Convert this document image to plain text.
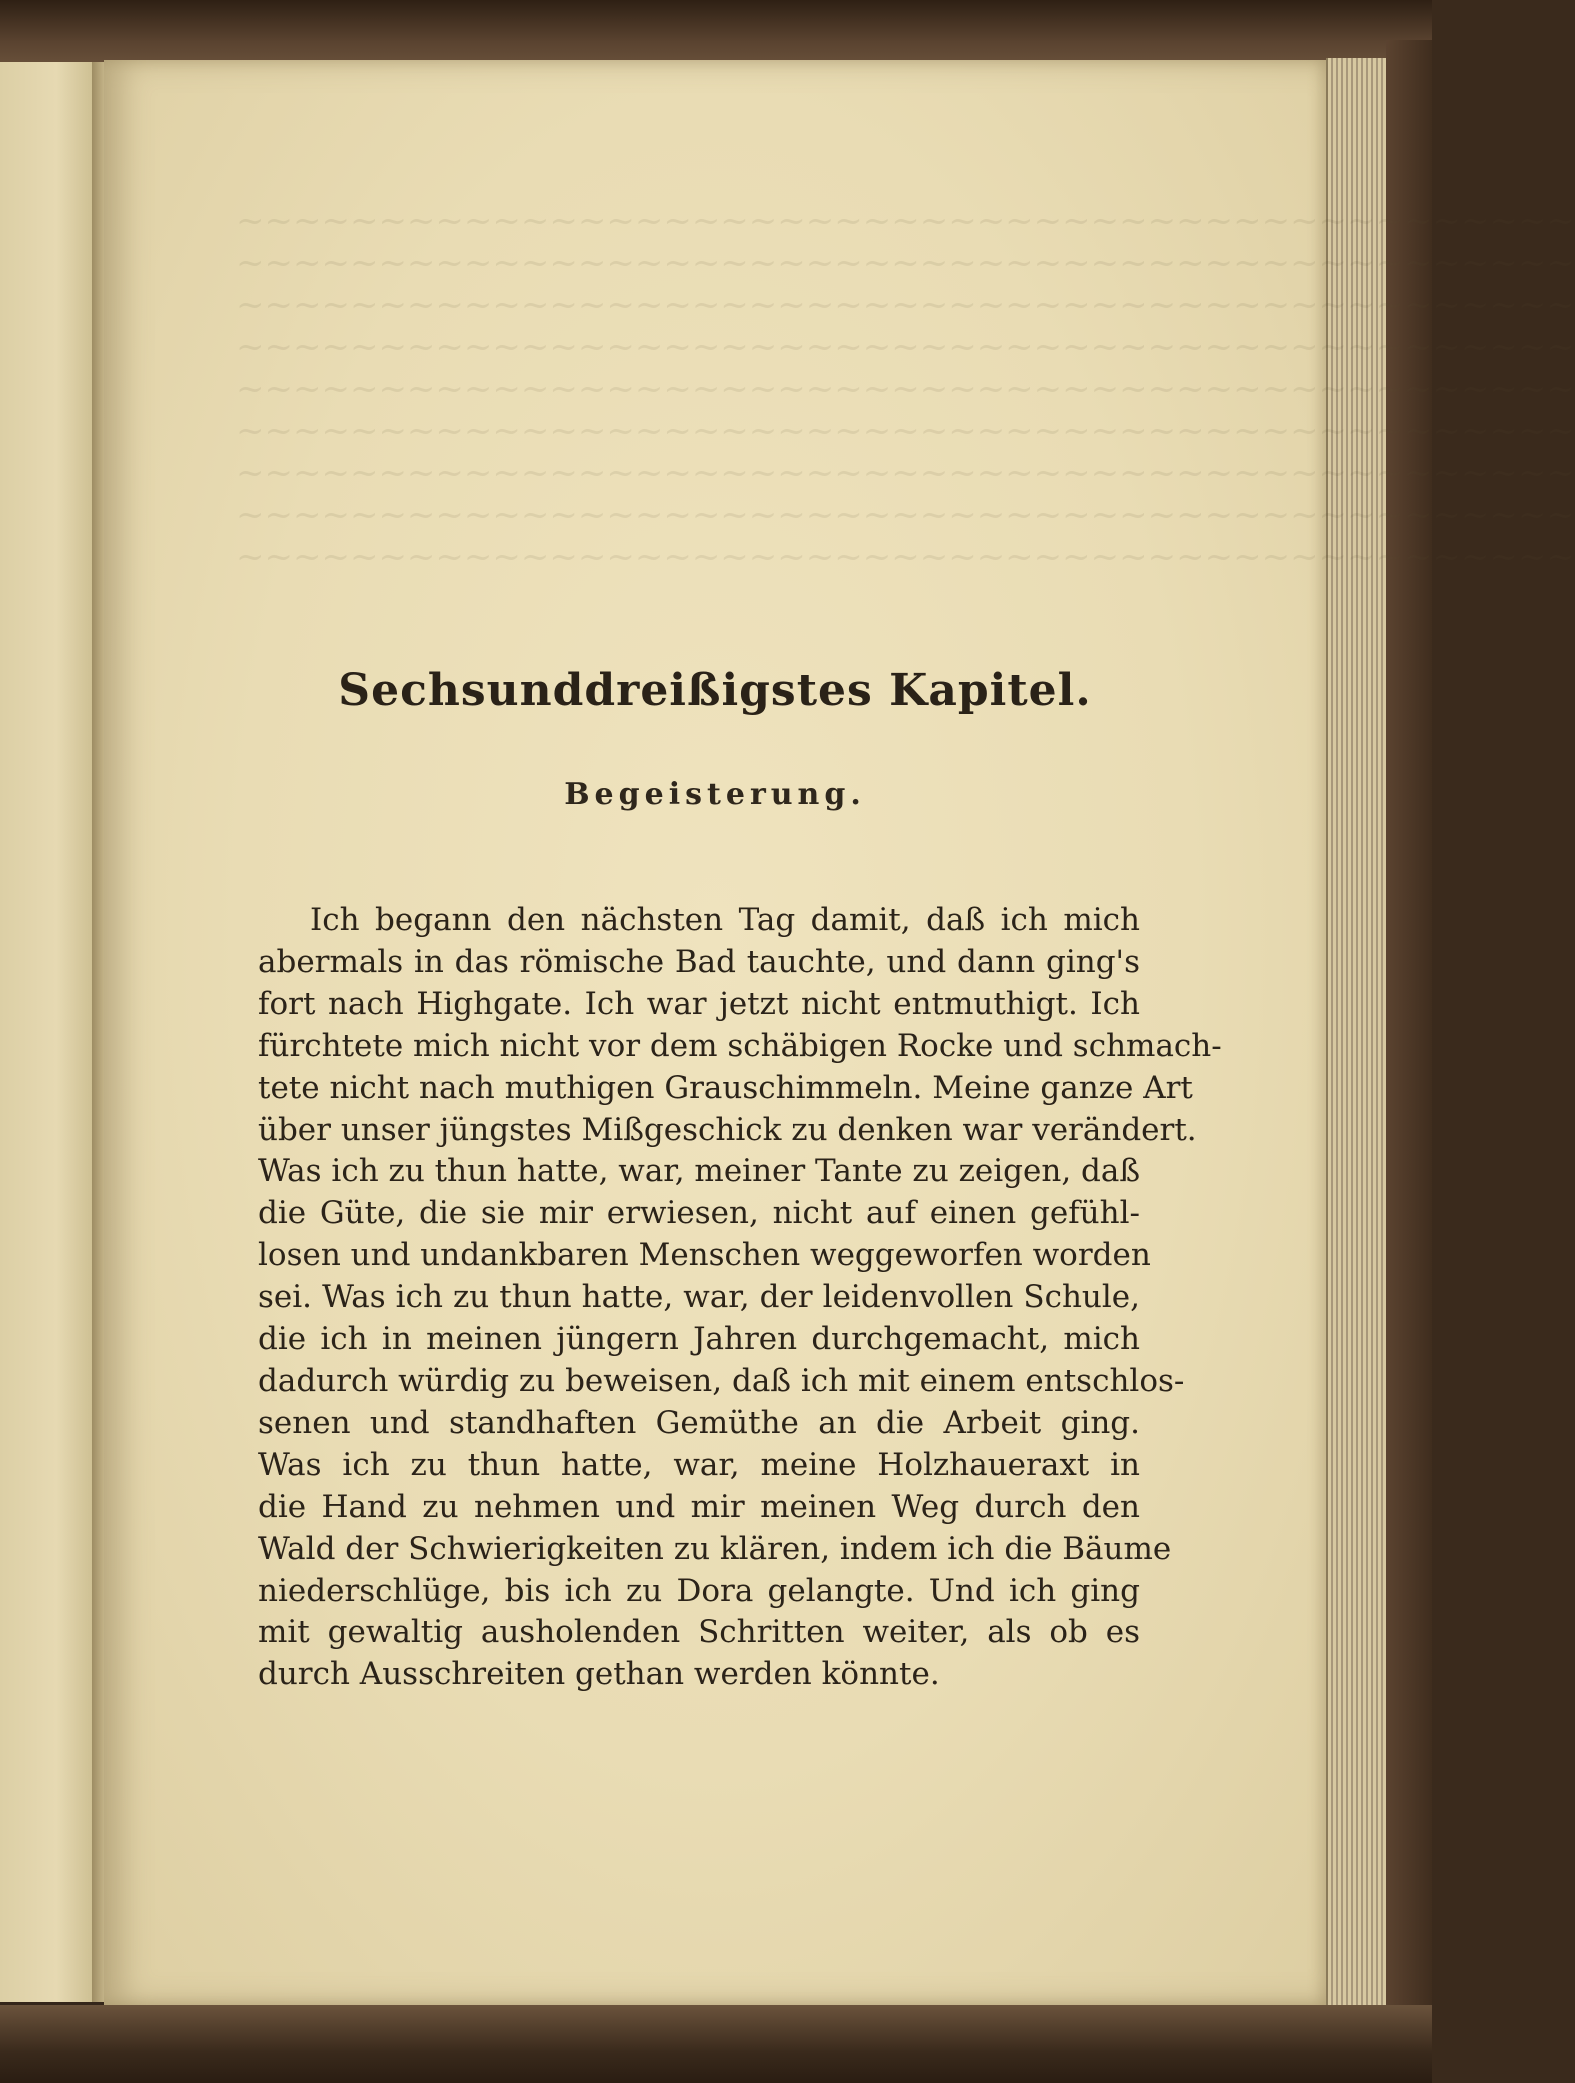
Sechsunddreißigstes Kapitel.
Begeisterung.

Ich begann den nächsten Tag damit, daß ich mich
abermals in das römische Bad tauchte, und dann ging's
fort nach Highgate. Ich war jetzt nicht entmuthigt. Ich
fürchtete mich nicht vor dem schäbigen Rocke und schmach-
tete nicht nach muthigen Grauschimmeln. Meine ganze Art
über unser jüngstes Mißgeschick zu denken war verändert.
Was ich zu thun hatte, war, meiner Tante zu zeigen, daß
die Güte, die sie mir erwiesen, nicht auf einen gefühl-
losen und undankbaren Menschen weggeworfen worden
sei. Was ich zu thun hatte, war, der leidenvollen Schule,
die ich in meinen jüngern Jahren durchgemacht, mich
dadurch würdig zu beweisen, daß ich mit einem entschlos-
senen und standhaften Gemüthe an die Arbeit ging.
Was ich zu thun hatte, war, meine Holzhaueraxt in
die Hand zu nehmen und mir meinen Weg durch den
Wald der Schwierigkeiten zu klären, indem ich die Bäume
niederschlüge, bis ich zu Dora gelangte. Und ich ging
mit gewaltig ausholenden Schritten weiter, als ob es
durch Ausschreiten gethan werden könnte.
